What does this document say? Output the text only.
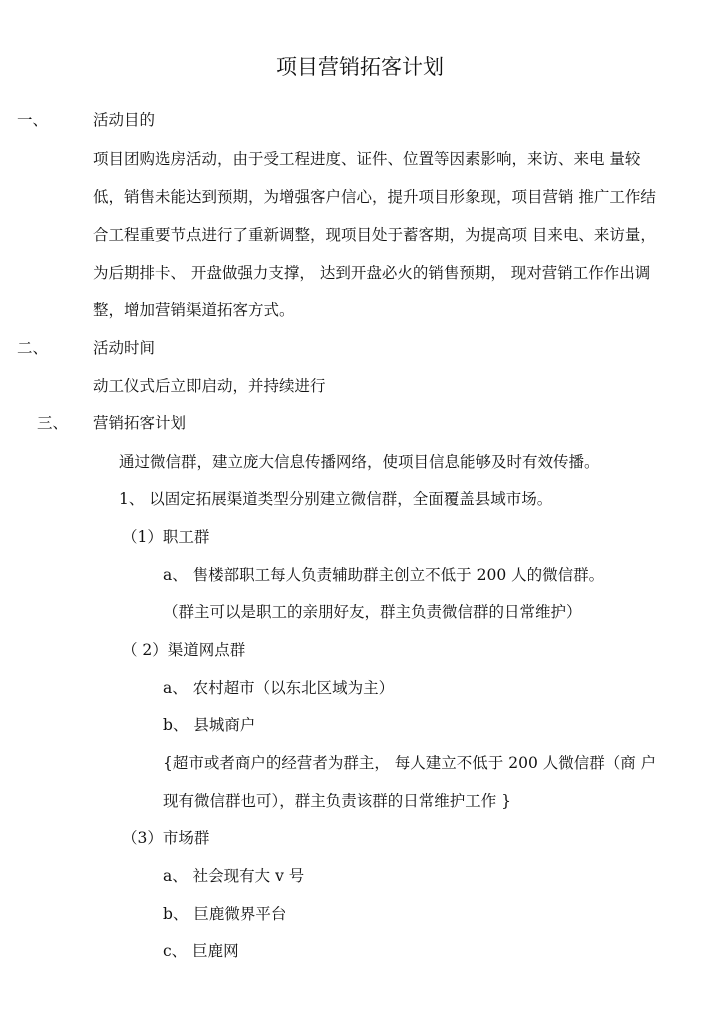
项目营销拓客计划
一、	活动目的
项目团购选房活动，由于受工程进度、证件、位置等因素影响，来访、来电 量较
低，销售未能达到预期，为增强客户信心，提升项目形象现，项目营销 推广工作结
合工程重要节点进行了重新调整，现项目处于蓄客期，为提高项 目来电、来访量，
为后期排卡、 开盘做强力支撑， 达到开盘必火的销售预期， 现对营销工作作出调
整，增加营销渠道拓客方式。
二、	活动时间
动工仪式后立即启动，并持续进行
三、 营销拓客计划
通过微信群，建立庞大信息传播网络，使项目信息能够及时有效传播。
1、 以固定拓展渠道类型分别建立微信群，全面覆盖县域市场。
（1）职工群
a、 售楼部职工每人负责辅助群主创立不低于 200 人的微信群。
（群主可以是职工的亲朋好友，群主负责微信群的日常维护）
（ 2）渠道网点群
a、 农村超市（以东北区域为主）
b、 县城商户
{超市或者商户的经营者为群主， 每人建立不低于 200 人微信群（商 户
现有微信群也可），群主负责该群的日常维护工作 }
（3）市场群
a、 社会现有大 v 号
b、 巨鹿微界平台
c、 巨鹿网
